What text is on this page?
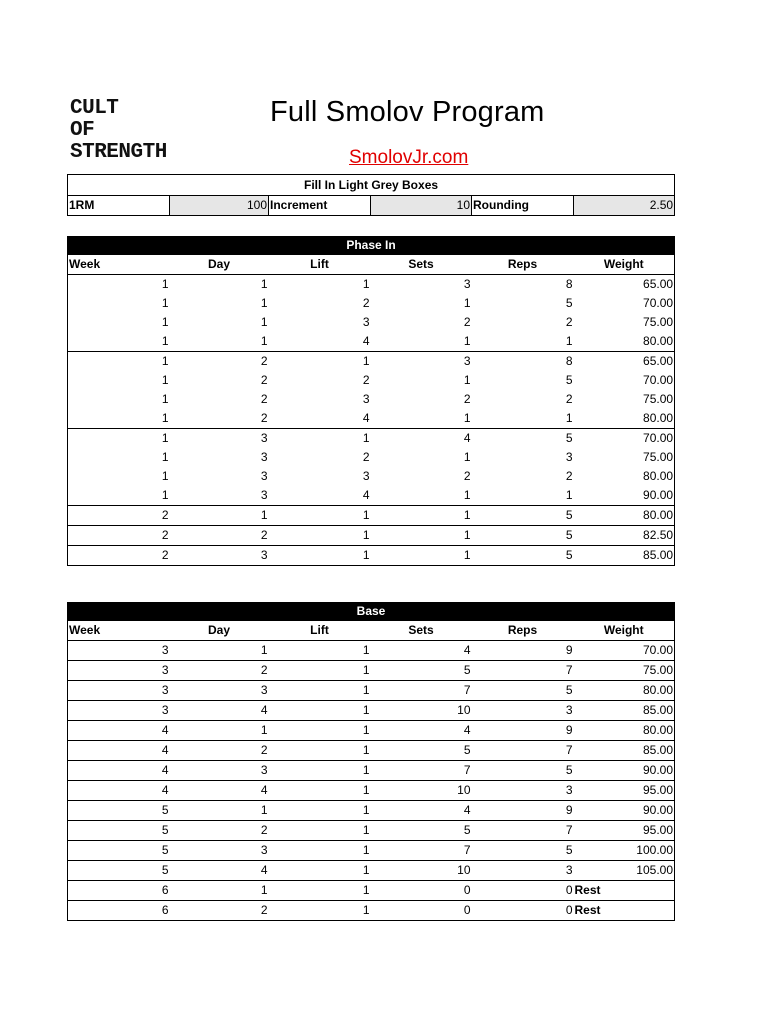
CULT
OF
STRENGTH
Full Smolov Program
SmolovJr.com
Fill In Light Grey Boxes
1RM	100	Increment	10	Rounding	2.50
Phase In					
Week	Day	Lift	Sets	Reps	Weight
1	1	1	3	8	65.00
1	1	2	1	5	70.00
1	1	3	2	2	75.00
1	1	4	1	1	80.00
1	2	1	3	8	65.00
1	2	2	1	5	70.00
1	2	3	2	2	75.00
1	2	4	1	1	80.00
1	3	1	4	5	70.00
1	3	2	1	3	75.00
1	3	3	2	2	80.00
1	3	4	1	1	90.00
2	1	1	1	5	80.00
2	2	1	1	5	82.50
2	3	1	1	5	85.00
Base					
Week	Day	Lift	Sets	Reps	Weight
3	1	1	4	9	70.00
3	2	1	5	7	75.00
3	3	1	7	5	80.00
3	4	1	10	3	85.00
4	1	1	4	9	80.00
4	2	1	5	7	85.00
4	3	1	7	5	90.00
4	4	1	10	3	95.00
5	1	1	4	9	90.00
5	2	1	5	7	95.00
5	3	1	7	5	100.00
5	4	1	10	3	105.00
6	1	1	0	0	Rest
6	2	1	0	0	Rest
